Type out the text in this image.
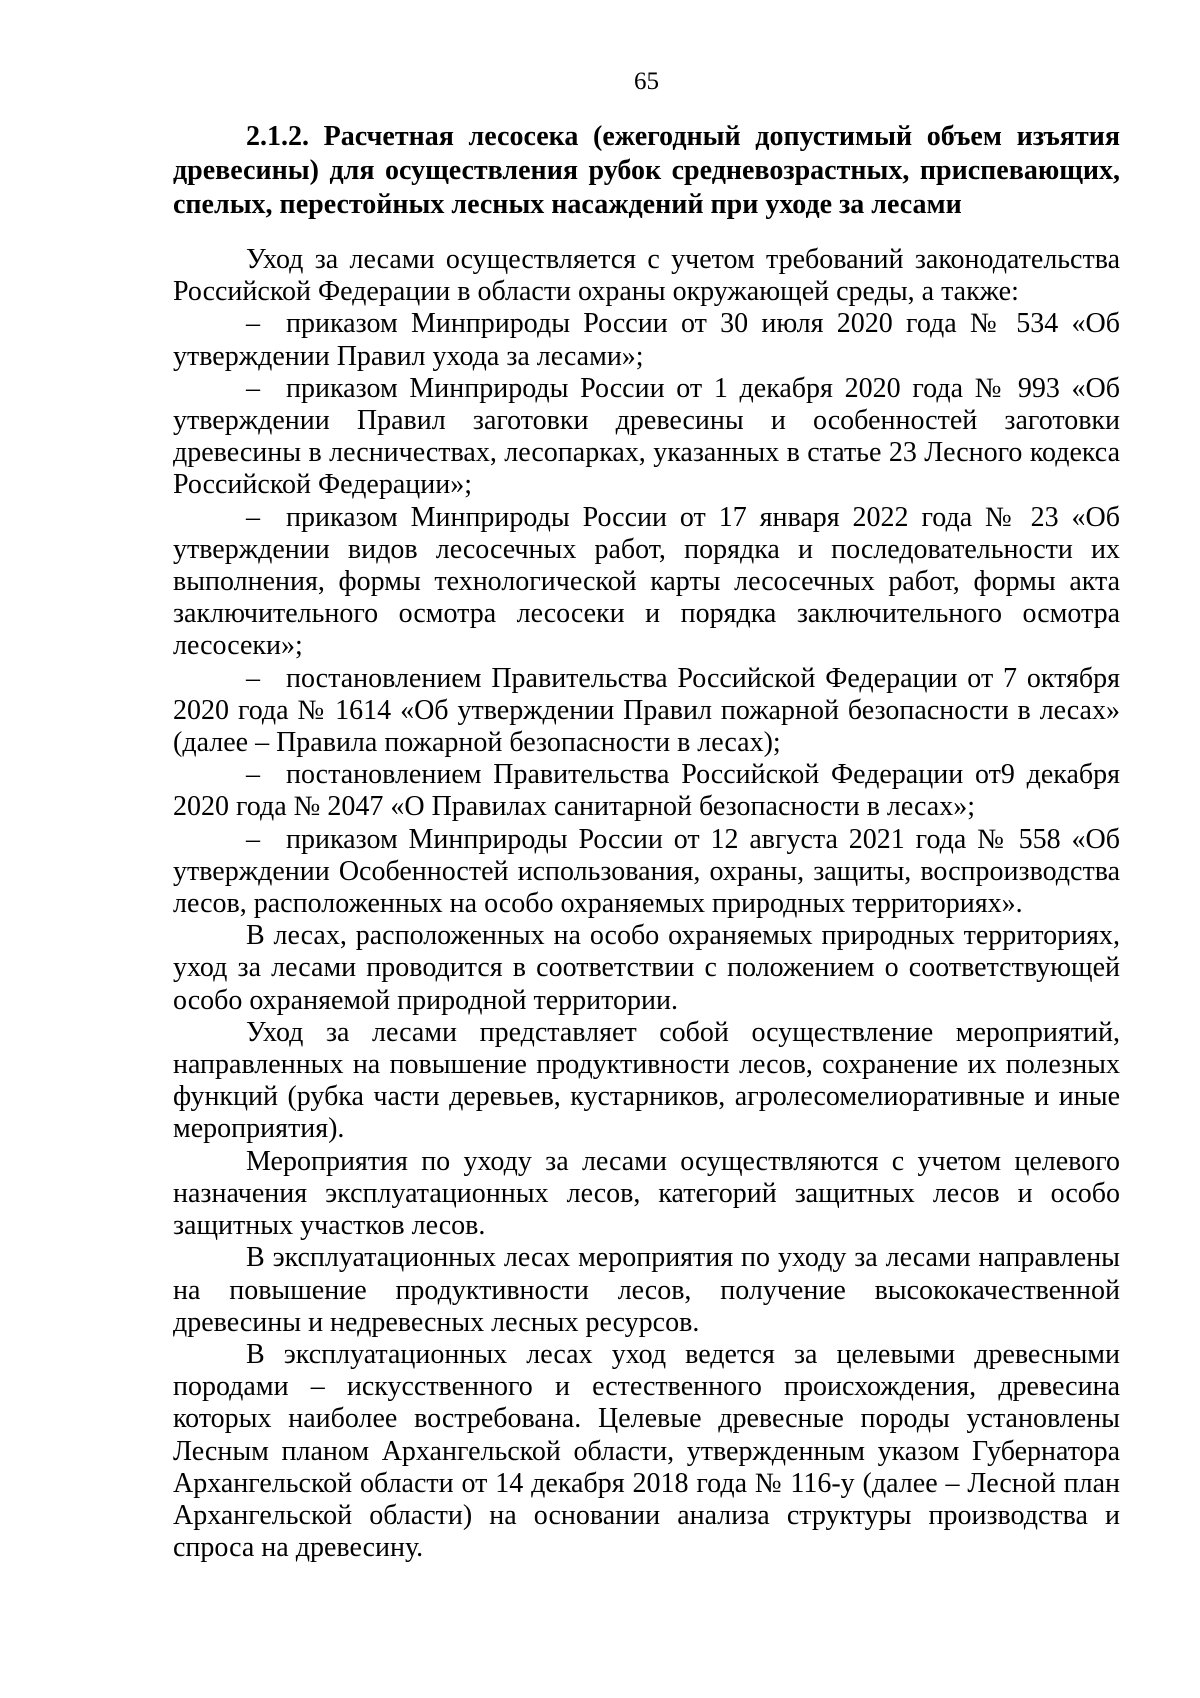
65

2.1.2. Расчетная лесосека (ежегодный допустимый объем изъятия древесины) для осуществления рубок средневозрастных, приспевающих, спелых, перестойных лесных насаждений при уходе за лесами

Уход за лесами осуществляется с учетом требований законодательства Российской Федерации в области охраны окружающей среды, а также:

– приказом Минприроды России от 30 июля 2020 года № 534 «Об утверждении Правил ухода за лесами»;

– приказом Минприроды России от 1 декабря 2020 года № 993 «Об утверждении Правил заготовки древесины и особенностей заготовки древесины в лесничествах, лесопарках, указанных в статье 23 Лесного кодекса Российской Федерации»;

– приказом Минприроды России от 17 января 2022 года № 23 «Об утверждении видов лесосечных работ, порядка и последовательности их выполнения, формы технологической карты лесосечных работ, формы акта заключительного осмотра лесосеки и порядка заключительного осмотра лесосеки»;

– постановлением Правительства Российской Федерации от 7 октября 2020 года № 1614 «Об утверждении Правил пожарной безопасности в лесах» (далее – Правила пожарной безопасности в лесах);

– постановлением Правительства Российской Федерации от9 декабря 2020 года № 2047 «О Правилах санитарной безопасности в лесах»;

– приказом Минприроды России от 12 августа 2021 года № 558 «Об утверждении Особенностей использования, охраны, защиты, воспроизводства лесов, расположенных на особо охраняемых природных территориях».

В лесах, расположенных на особо охраняемых природных территориях, уход за лесами проводится в соответствии с положением о соответствующей особо охраняемой природной территории.

Уход за лесами представляет собой осуществление мероприятий, направленных на повышение продуктивности лесов, сохранение их полезных функций (рубка части деревьев, кустарников, агролесомелиоративные и иные мероприятия).

Мероприятия по уходу за лесами осуществляются с учетом целевого назначения эксплуатационных лесов, категорий защитных лесов и особо защитных участков лесов.

В эксплуатационных лесах мероприятия по уходу за лесами направлены на повышение продуктивности лесов, получение высококачественной древесины и недревесных лесных ресурсов.

В эксплуатационных лесах уход ведется за целевыми древесными породами – искусственного и естественного происхождения, древесина которых наиболее востребована. Целевые древесные породы установлены Лесным планом Архангельской области, утвержденным указом Губернатора Архангельской области от 14 декабря 2018 года № 116-у (далее – Лесной план Архангельской области) на основании анализа структуры производства и спроса на древесину.
